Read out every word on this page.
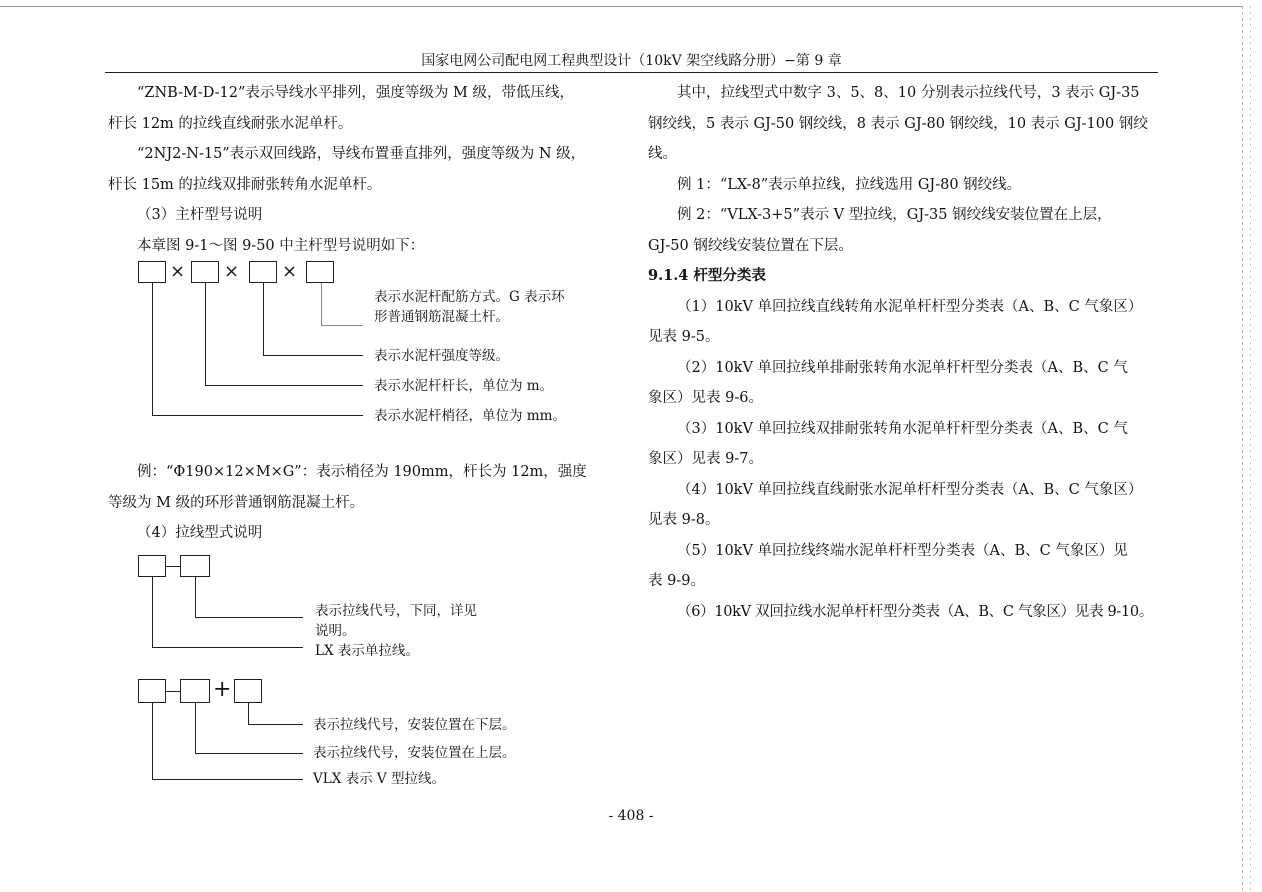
国家电网公司配电网工程典型设计（10kV 架空线路分册）−第 9 章

“ZNB-M-D-12”表示导线水平排列，强度等级为 M 级，带低压线，

杆长 12m 的拉线直线耐张水泥单杆。

“2NJ2-N-15”表示双回线路，导线布置垂直排列，强度等级为 N 级，

杆长 15m 的拉线双排耐张转角水泥单杆。

（3）主杆型号说明

本章图 9-1～图 9-50 中主杆型号说明如下：

× × ×
表示水泥杆配筋方式。G 表示环
形普通钢筋混凝土杆。
表示水泥杆强度等级。
表示水泥杆杆长，单位为 m。
表示水泥杆梢径，单位为 mm。

例：“Φ190×12×M×G”：表示梢径为 190mm，杆长为 12m，强度

等级为 M 级的环形普通钢筋混凝土杆。

（4）拉线型式说明

表示拉线代号，下同，详见
说明。
LX 表示单拉线。
+
表示拉线代号，安装位置在下层。
表示拉线代号，安装位置在上层。
VLX 表示 V 型拉线。

其中，拉线型式中数字 3、5、8、10 分别表示拉线代号，3 表示 GJ-35

钢绞线，5 表示 GJ-50 钢绞线，8 表示 GJ-80 钢绞线，10 表示 GJ-100 钢绞

线。

例 1：“LX-8”表示单拉线，拉线选用 GJ-80 钢绞线。

例 2：“VLX-3+5”表示 V 型拉线，GJ-35 钢绞线安装位置在上层，

GJ-50 钢绞线安装位置在下层。

9.1.4 杆型分类表

（1）10kV 单回拉线直线转角水泥单杆杆型分类表（A、B、C 气象区）

见表 9-5。

（2）10kV 单回拉线单排耐张转角水泥单杆杆型分类表（A、B、C 气

象区）见表 9-6。

（3）10kV 单回拉线双排耐张转角水泥单杆杆型分类表（A、B、C 气

象区）见表 9-7。

（4）10kV 单回拉线直线耐张水泥单杆杆型分类表（A、B、C 气象区）

见表 9-8。

（5）10kV 单回拉线终端水泥单杆杆型分类表（A、B、C 气象区）见

表 9-9。

（6）10kV 双回拉线水泥单杆杆型分类表（A、B、C 气象区）见表 9-10。

- 408 -
